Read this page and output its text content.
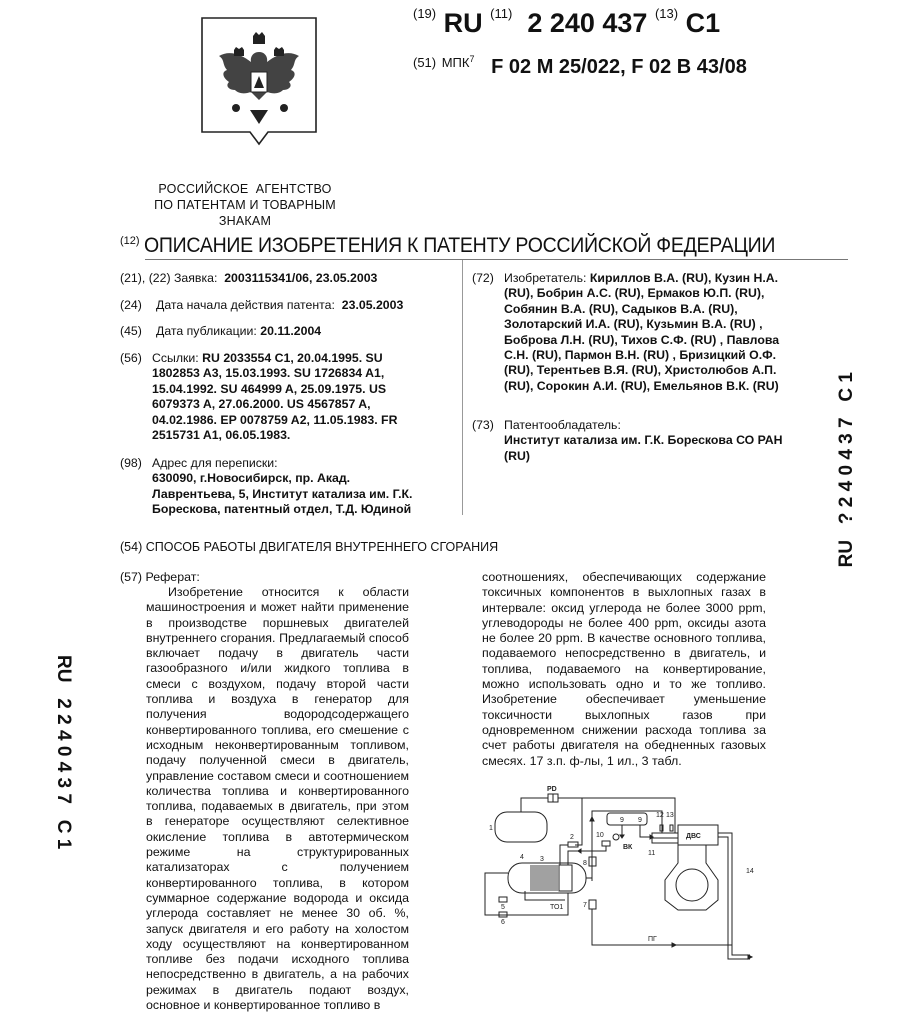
$^{(19)}$ RU $^{(11)}$ 2 240 437 $^{(13)}$ C1
$^{(51)}$ $^{МПК7}$ F 02 M 25/022, F 02 B 43/08
РОССИЙСКОЕ  АГЕНТСТВО
ПО ПАТЕНТАМ И ТОВАРНЫМ ЗНАКАМ
$^{(12)}$ ОПИСАНИЕ ИЗОБРЕТЕНИЯ К ПАТЕНТУ РОССИЙСКОЙ ФЕДЕРАЦИИ
(21), (22) Заявка: 2003115341/06, 23.05.2003
(24) Дата начала действия патента: 23.05.2003
(45) Дата публикации: 20.11.2004
(56) Ссылки: RU 2033554 C1, 20.04.1995. SU 1802853 A3, 15.03.1993. SU 1726834 A1, 15.04.1992. SU 464999 A, 25.09.1975. US 6079373 A, 27.06.2000. US 4567857 A, 04.02.1986. EP 0078759 A2, 11.05.1983. FR 2515731 A1, 06.05.1983.
(98) Адрес для переписки:
630090, г.Новосибирск, пр. Акад. Лаврентьева, 5, Институт катализа им. Г.К. Борескова, патентный отдел, Т.Д. Юдиной
(72) Изобретатель: Кириллов В.А. (RU), Кузин Н.А. (RU), Бобрин А.С. (RU), Ермаков Ю.П. (RU), Собянин В.А. (RU), Садыков В.А. (RU), Золотарский И.А. (RU), Кузьмин В.А. (RU) , Боброва Л.Н. (RU), Тихов С.Ф. (RU) , Павлова С.Н. (RU), Пармон В.Н. (RU) , Бризицкий О.Ф. (RU), Терентьев В.Я. (RU), Христолюбов А.П. (RU), Сорокин А.И. (RU), Емельянов В.К. (RU)
(73) Патентообладатель:
Институт катализа им. Г.К. Борескова СО РАН (RU)
(54) СПОСОБ РАБОТЫ ДВИГАТЕЛЯ ВНУТРЕННЕГО СГОРАНИЯ
(57) Реферат:
Изобретение относится к области машиностроения и может найти применение в производстве поршневых двигателей внутреннего сгорания. Предлагаемый способ включает подачу в двигатель части газообразного и/или жидкого топлива в смеси с воздухом, подачу второй части топлива и воздуха в генератор для получения водородсодержащего конвертированного топлива, его смешение с исходным неконвертированным топливом, подачу полученной смеси в двигатель, управление составом смеси и соотношением количества топлива и конвертированного топлива, подаваемых в двигатель, при этом в генераторе осуществляют селективное окисление топлива в автотермическом режиме на структурированных катализаторах с получением конвертированного топлива, в котором суммарное содержание водорода и оксида углерода составляет не менее 30 об. %, запуск двигателя и его работу на холостом ходу осуществляют на конвертированном топливе без подачи исходного топлива непосредственно в двигатель, а на рабочих режимах в двигатель подают воздух, основное и конвертированное топливо в
соотношениях, обеспечивающих содержание токсичных компонентов в выхлопных газах в интервале: оксид углерода не более 3000 ppm, углеводороды не более 400 ppm, оксиды азота не более 20 ppm. В качестве основного топлива, подаваемого непосредственно в двигатель, и топлива, подаваемого на конвертирование, можно использовать одно и то же топливо. Изобретение обеспечивает уменьшение токсичности выхлопных газов при одновременном снижении расхода топлива за счет работы двигателя на обедненных газовых смесях. 17 з.п. ф-лы, 1 ил., 3 табл.
RU   2 2 4 0 4 3 7   C 1
RU   ? 2 4 0 4 3 7   C 1
1
PD
2
9 9
ВК
10
11
12 13
ДВС
14
3
4
8
7
ПГ
5
6
ТО1
